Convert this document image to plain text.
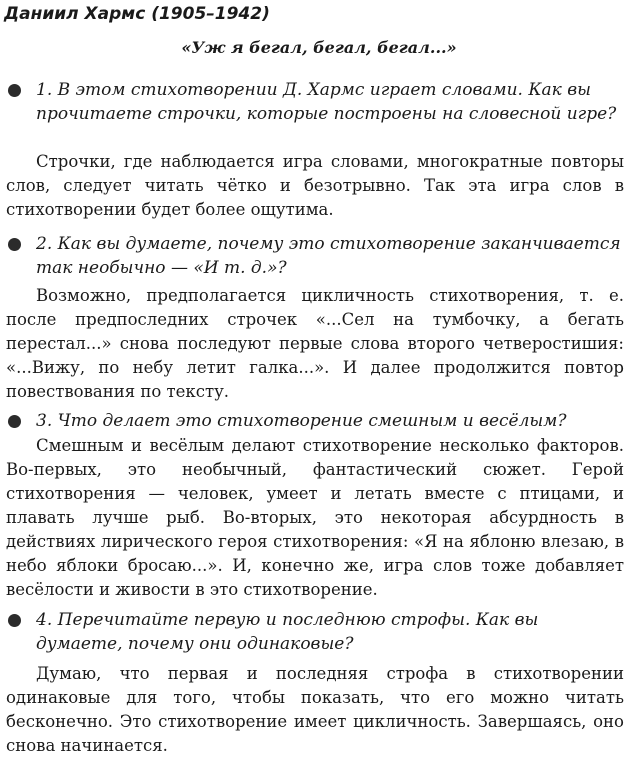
Даниил Хармс (1905–1942)
«Уж я бегал, бегал, бегал...»
1. В этом стихотворении Д. Хармс играет словами. Как вы прочитаете строчки, которые построены на словесной игре?
Строчки, где наблюдается игра словами, многократные повторы слов, следует читать чётко и безотрывно. Так эта игра слов в стихотворении будет более ощутима.
2. Как вы думаете, почему это стихотворение заканчивается так необычно — «И т. д.»?
Возможно, предполагается цикличность стихотворения, т. е. после предпоследних строчек «...Сел на тумбочку, а бегать перестал...» снова последуют первые слова второго четверостишия: «...Вижу, по небу летит галка...». И далее продолжится повтор повествования по тексту.
3. Что делает это стихотворение смешным и весёлым?
Смешным и весёлым делают стихотворение несколько факторов. Во-первых, это необычный, фантастический сюжет. Герой стихотворения — человек, умеет и летать вместе с птицами, и плавать лучше рыб. Во-вторых, это некоторая абсурдность в действиях лирического героя стихотворения: «Я на яблоню влезаю, в небо яблоки бросаю...». И, конечно же, игра слов тоже добавляет весёлости и живости в это стихотворение.
4. Перечитайте первую и последнюю строфы. Как вы думаете, почему они одинаковые?
Думаю, что первая и последняя строфа в стихотворении одинаковые для того, чтобы показать, что его можно читать бесконечно. Это стихотворение имеет цикличность. Завершаясь, оно снова начинается.
